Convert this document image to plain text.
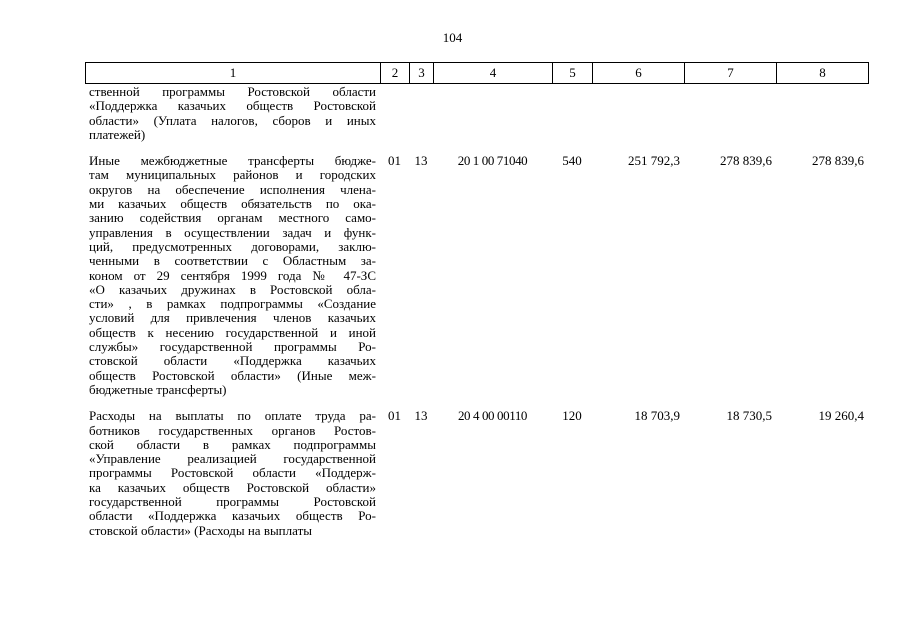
104
1	2	3	4	5	6	7	8
ственной программы Ростовской области
«Поддержка казачьих обществ Ростовской
области» (Уплата налогов, сборов и иных
платежей)
Иные межбюджетные трансферты бюдже-
там муниципальных районов и городских
округов на обеспечение исполнения члена-
ми казачьих обществ обязательств по ока-
занию содействия органам местного само-
управления в осуществлении задач и функ-
ций, предусмотренных договорами, заклю-
ченными в соответствии с Областным за-
коном от 29 сентября 1999 года № 47-ЗС
«О казачьих дружинах в Ростовской обла-
сти» , в рамках подпрограммы «Создание
условий для привлечения членов казачьих
обществ к несению государственной и иной
службы» государственной программы Ро-
стовской области «Поддержка казачьих
обществ Ростовской области» (Иные меж-
бюджетные трансферты)
01	13	20 1 00 71040	540	251 792,3	278 839,6	278 839,6
Расходы на выплаты по оплате труда ра-
ботников государственных органов Ростов-
ской области в рамках подпрограммы
«Управление реализацией государственной
программы Ростовской области «Поддерж-
ка казачьих обществ Ростовской области»
государственной программы Ростовской
области «Поддержка казачьих обществ Ро-
стовской области» (Расходы на выплаты
01	13	20 4 00 00110	120	18 703,9	18 730,5	19 260,4
